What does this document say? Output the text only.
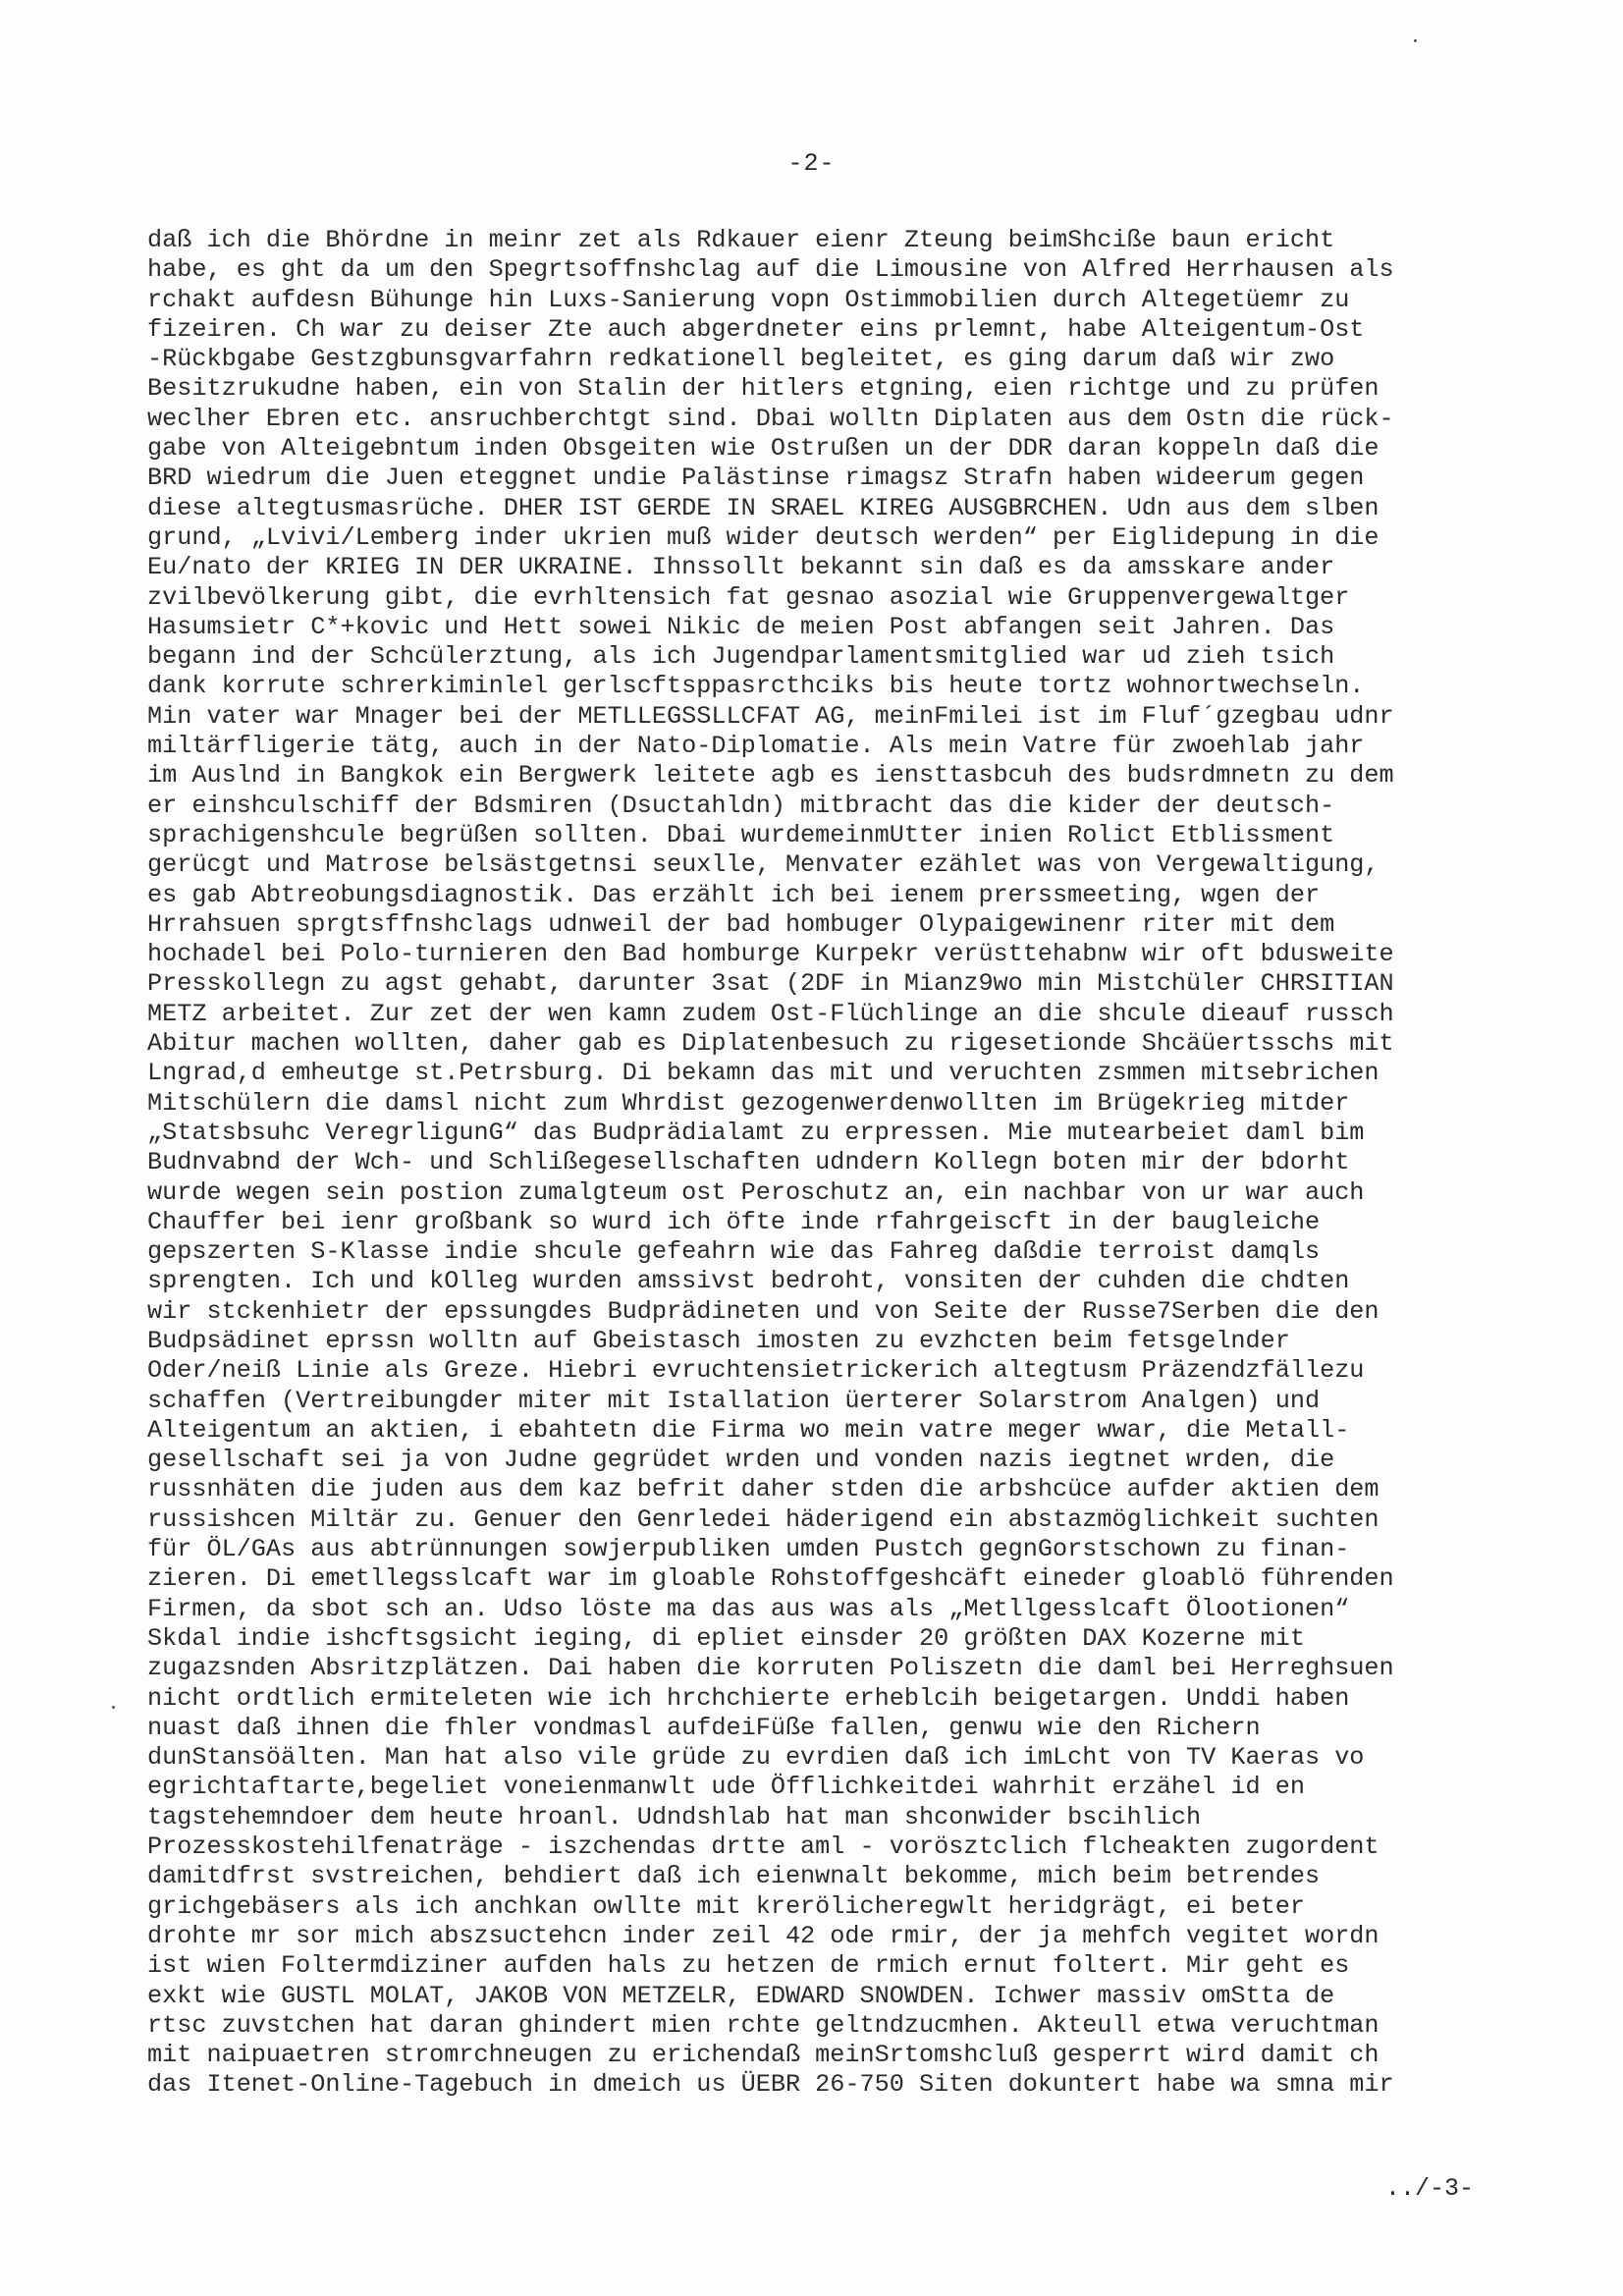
-2-
daß ich die Bhördne in meinr zet als Rdkauer eienr Zteung beimShciße baun ericht
habe, es ght da um den Spegrtsoffnshclag auf die Limousine von Alfred Herrhausen als
rchakt aufdesn Bühunge hin Luxs-Sanierung vopn Ostimmobilien durch Altegetüemr zu
fizeiren. Ch war zu deiser Zte auch abgerdneter eins prlemnt, habe Alteigentum-Ost
-Rückbgabe Gestzgbunsgvarfahrn redkationell begleitet, es ging darum daß wir zwo
Besitzrukudne haben, ein von Stalin der hitlers etgning, eien richtge und zu prüfen
weclher Ebren etc. ansruchberchtgt sind. Dbai wolltn Diplaten aus dem Ostn die rück-
gabe von Alteigebntum inden Obsgeiten wie Ostrußen un der DDR daran koppeln daß die
BRD wiedrum die Juen eteggnet undie Palästinse rimagsz Strafn haben wideerum gegen
diese altegtusmasrüche. DHER IST GERDE IN SRAEL KIREG AUSGBRCHEN. Udn aus dem slben
grund, „Lvivi/Lemberg inder ukrien muß wider deutsch werden“ per Eiglidерung in die
Eu/nato der KRIEG IN DER UKRAINE. Ihnssollt bekannt sin daß es da amsskare ander
zvilbevölkerung gibt, die evrhltensich fat gesnao asozial wie Gruppenvergewaltger
Hasumsietr C*+kovic und Hett sowei Nikic de meien Post abfangen seit Jahren. Das
begann ind der Schcülerztung, als ich Jugendparlamentsmitglied war ud zieh tsich
dank korrute schrerkiminlel gerlscftsppasrcthciks bis heute tortz wohnortwechseln.
Min vater war Mnager bei der METLLEGSSLLCFAT AG, meinFmilei ist im Fluf´gzegbau udnr
miltärfligerie tätg, auch in der Nato-Diplomatie. Als mein Vatre für zwoehlab jahr
im Auslnd in Bangkok ein Bergwerk leitete agb es iensttasbcuh des budsrdmnetn zu dem
er einshculschiff der Bdsmiren (Dsuctahldn) mitbracht das die kider der deutsch-
sprachigenshcule begrüßen sollten. Dbai wurdemeinmUtter inien Rolict Etblissment
gerücgt und Matrose belsästgetnsi seuxlle, Menvater ezählet was von Vergewaltigung,
es gab Abtreobungsdiagnostik. Das erzählt ich bei ienem prerssmeeting, wgen der
Hrrahsuen sprgtsffnshclags udnweil der bad hombuger Olypaigewinenr riter mit dem
hochadel bei Polo-turnieren den Bad homburge Kurpekr verüsttehabnw wir oft bdusweite
Presskollegn zu agst gehabt, darunter 3sat (2DF in Mianz9wo min Mistchüler CHRSITIAN
METZ arbeitet. Zur zet der wen kamn zudem Ost-Flüchlinge an die shcule dieauf russch
Abitur machen wollten, daher gab es Diplatenbesuch zu rigesetionde Shcäüertsschs mit
Lngrad,d emheutge st.Petrsburg. Di bekamn das mit und veruchten zsmmen mitsebrichen
Mitschülern die damsl nicht zum Whrdist gezogenwerdenwollten im Brügekrieg mitder
„Statsbsuhc VeregrligunG“ das Budprädialamt zu erpressen. Mie mutearbeiet daml bim
Budnvabnd der Wch- und Schlißegesellschaften udndern Kollegn boten mir der bdorht
wurde wegen sein postion zumalgteum ost Peroschutz an, ein nachbar von ur war auch
Chauffer bei ienr großbank so wurd ich öfte inde rfahrgeiscft in der baugleiche
gepszerten S-Klasse indie shcule gefeahrn wie das Fahreg daßdie terroist damqls
sprengten. Ich und kOlleg wurden amssivst bedroht, vonsiten der cuhden die chdten
wir stckenhietr der epssungdes Budprädineten und von Seite der Russe7Serben die den
Budpsädinet eprssn wolltn auf Gbeistasch imosten zu evzhcten beim fetsgelnder
Oder/neiß Linie als Greze. Hiebri evruchtensietrickerich altegtusm Präzendzfällezu
schaffen (Vertreibungder miter mit Istallation üerterer Solarstrom Analgen) und
Alteigentum an aktien, i ebahtetn die Firma wo mein vatre meger wwar, die Metall-
gesellschaft sei ja von Judne gegrüdet wrden und vonden nazis iegtnet wrden, die
russnhäten die juden aus dem kaz befrit daher stden die arbshcüce aufder aktien dem
russishcen Miltär zu. Genuer den Genrledei häderigend ein abstazmöglichkeit suchten
für ÖL/GAs aus abtrünnungen sowjerpubliken umden Pustch gegnGorstschown zu finan-
zieren. Di emetllegsslcaft war im gloable Rohstoffgeshcäft eineder gloablö führenden
Firmen, da sbot sch an. Udso löste ma das aus was als „Metllgesslcaft Ölootionen“
Skdal indie ishcftsgsicht ieging, di epliet einsder 20 größten DAX Kozerne mit
zugazsnden Absritzplätzen. Dai haben die korruten Poliszetn die daml bei Herreghsuen
nicht ordtlich ermiteleten wie ich hrchchierte erheblcih beigetargen. Unddi haben
nuast daß ihnen die fhler vondmasl aufdeiFüße fallen, genwu wie den Richern
dunStansöälten. Man hat also vile grüde zu evrdien daß ich imLcht von TV Kaeras vo
egrichtaftarte,begeliet voneienmanwlt ude Öfflichkeitdei wahrhit erzähel id en
tagstehemndoer dem heute hroanl. Udndshlab hat man shconwider bscihlich
Prozesskostehilfenaträge - iszchendas drtte aml - vorösztclich flcheakten zugordent
damitdfrst svstreichen, behdiert daß ich eienwnalt bekomme, mich beim betrendes
grichgebäsers als ich anchkan owllte mit krerölicheregwlt heridgrägt, ei beter
drohte mr sor mich abszsuctehcn inder zeil 42 ode rmir, der ja mehfch vegitet wordn
ist wien Foltermdiziner aufden hals zu hetzen de rmich ernut foltert. Mir geht es
exkt wie GUSTL MOLAT, JAKOB VON METZELR, EDWARD SNOWDEN. Ichwer massiv omStta de
rtsc zuvstchen hat daran ghindert mien rchte geltndzucmhen. Akteull etwa veruchtman
mit naipuaetren stromrchneugen zu erichendaß meinSrtomshcluß gesperrt wird damit ch
das Itenet-Online-Tagebuch in dmeich us ÜEBR 26-750 Siten dokuntert habe wa smna mir
../-3-
